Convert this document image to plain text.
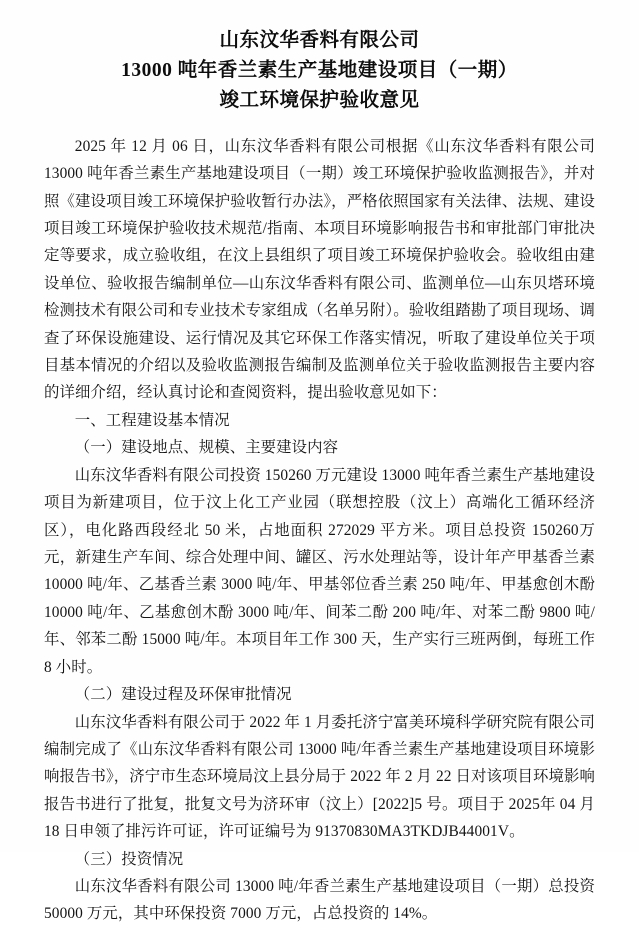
山东汶华香料有限公司
13000 吨年香兰素生产基地建设项目（一期）
竣工环境保护验收意见

2025 年 12 月 06 日，山东汶华香料有限公司根据《山东汶华香料有限公司13000 吨年香兰素生产基地建设项目（一期）竣工环境保护验收监测报告》，并对照《建设项目竣工环境保护验收暂行办法》，严格依照国家有关法律、法规、建设项目竣工环境保护验收技术规范/指南、本项目环境影响报告书和审批部门审批决定等要求，成立验收组，在汶上县组织了项目竣工环境保护验收会。验收组由建设单位、验收报告编制单位—山东汶华香料有限公司、监测单位—山东贝塔环境检测技术有限公司和专业技术专家组成（名单另附）。验收组踏勘了项目现场、调查了环保设施建设、运行情况及其它环保工作落实情况，听取了建设单位关于项目基本情况的介绍以及验收监测报告编制及监测单位关于验收监测报告主要内容的详细介绍，经认真讨论和查阅资料，提出验收意见如下：

一、工程建设基本情况

（一）建设地点、规模、主要建设内容

山东汶华香料有限公司投资 150260 万元建设 13000 吨年香兰素生产基地建设项目为新建项目，位于汶上化工产业园（联想控股（汶上）高端化工循环经济区），电化路西段经北 50 米，占地面积 272029 平方米。项目总投资 150260万元，新建生产车间、综合处理中间、罐区、污水处理站等，设计年产甲基香兰素 10000 吨/年、乙基香兰素 3000 吨/年、甲基邻位香兰素 250 吨/年、甲基愈创木酚 10000 吨/年、乙基愈创木酚 3000 吨/年、间苯二酚 200 吨/年、对苯二酚 9800 吨/年、邻苯二酚 15000 吨/年。本项目年工作 300 天，生产实行三班两倒，每班工作 8 小时。

（二）建设过程及环保审批情况

山东汶华香料有限公司于 2022 年 1 月委托济宁富美环境科学研究院有限公司编制完成了《山东汶华香料有限公司 13000 吨/年香兰素生产基地建设项目环境影响报告书》，济宁市生态环境局汶上县分局于 2022 年 2 月 22 日对该项目环境影响报告书进行了批复，批复文号为济环审（汶上）[2022]5 号。项目于 2025年 04 月 18 日申领了排污许可证，许可证编号为 91370830MA3TKDJB44001V。

（三）投资情况

山东汶华香料有限公司 13000 吨/年香兰素生产基地建设项目（一期）总投资 50000 万元，其中环保投资 7000 万元，占总投资的 14%。
